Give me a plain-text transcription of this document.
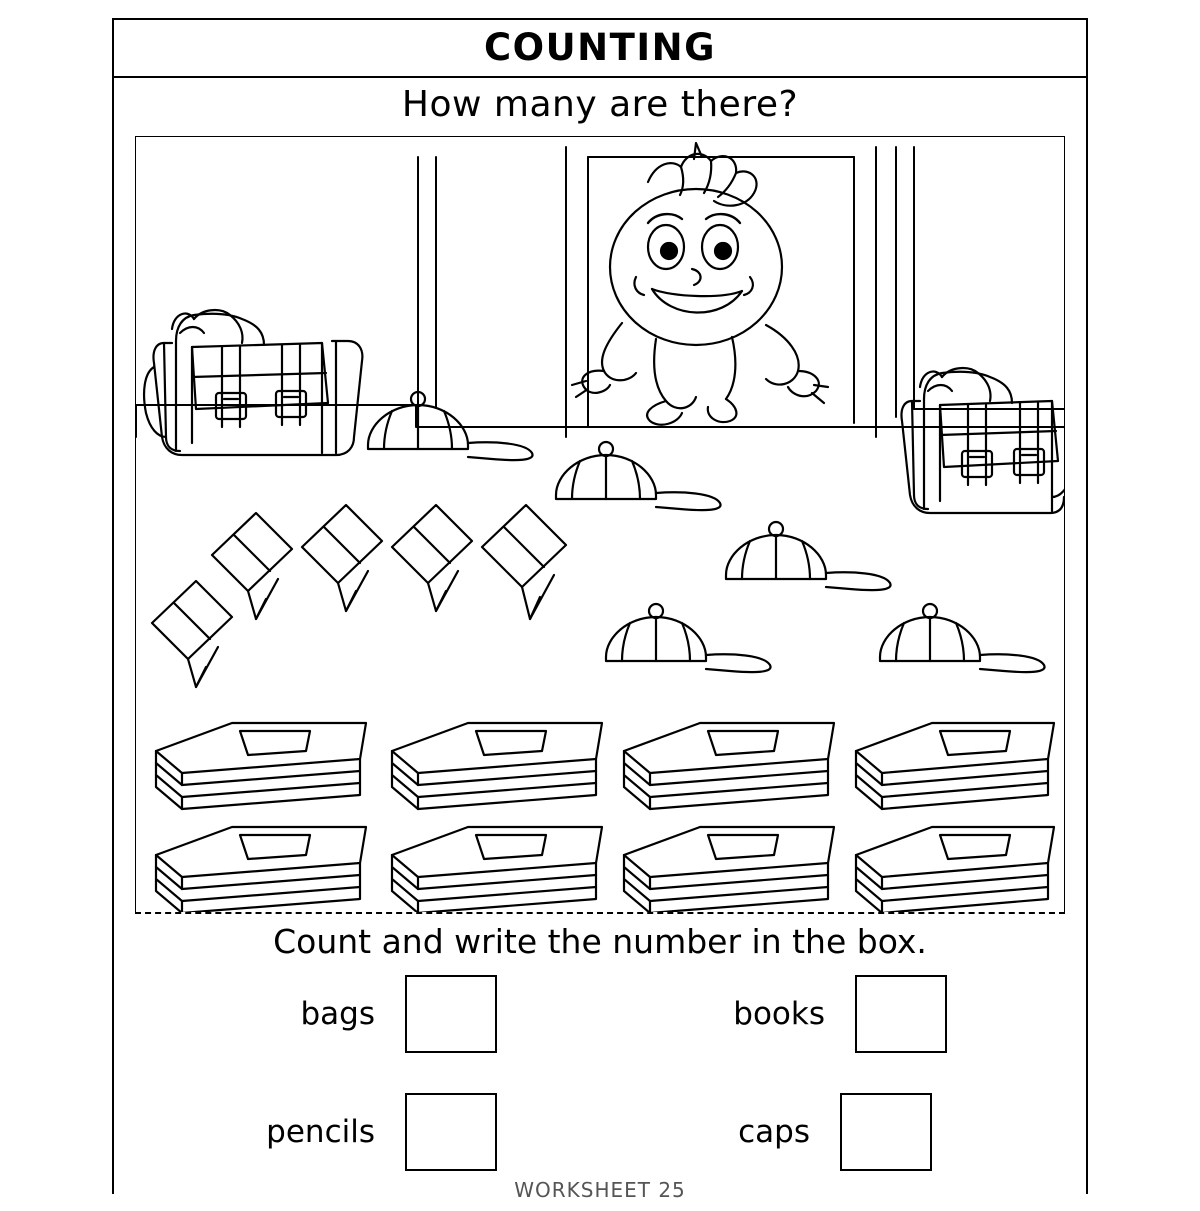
COUNTING
How many are there?
Count and write the number in the box.
bags	books
pencils	caps
WORKSHEET 25
